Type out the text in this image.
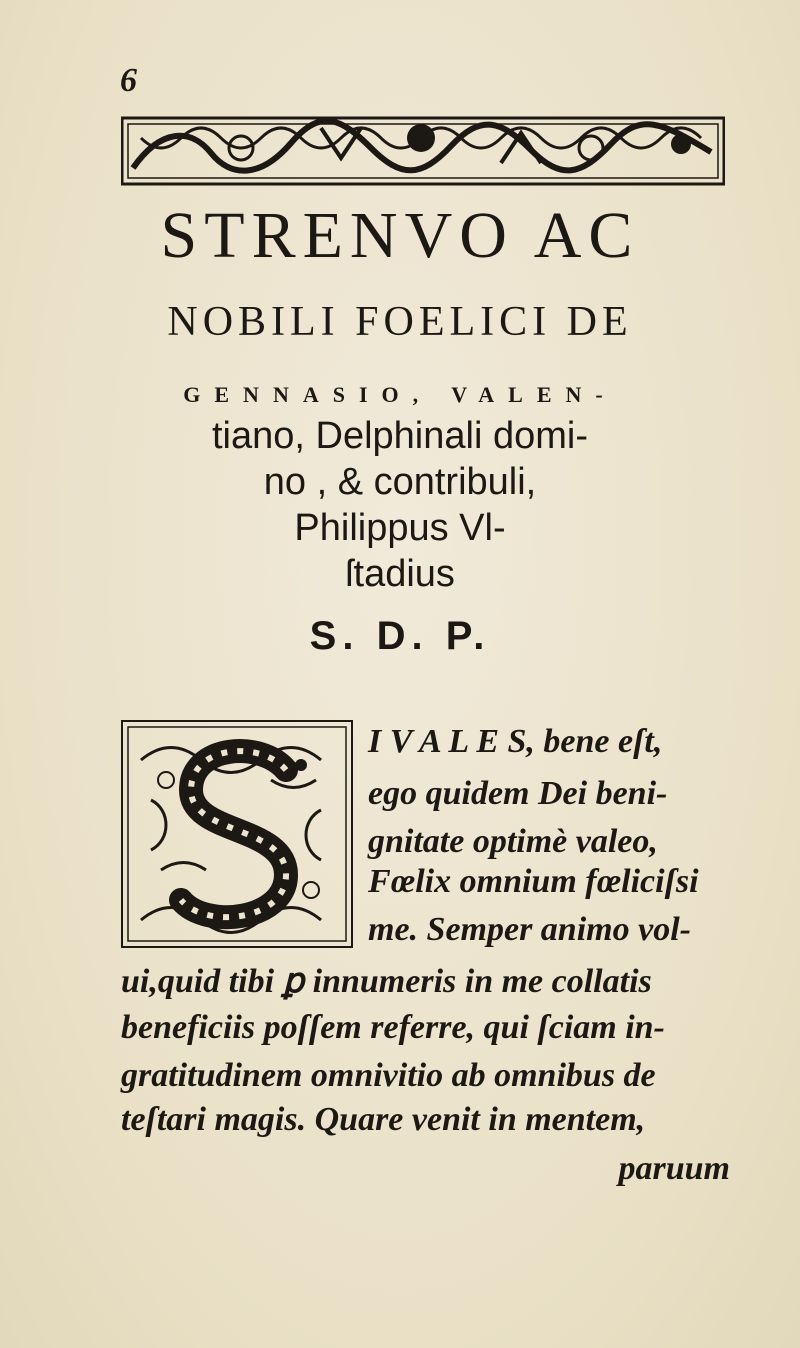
6
STRENVO AC
NOBILI FOELICI DE
GENNASIO, VALEN-
tiano, Delphinali domi-
no , & contribuli,
Philippus Vl-
ſtadius
S. D. P.
I V A L E S, bene eſt,
ego quidem Dei beni-
gnitate optimè valeo,
Fœlix omnium fœliciſsi
me. Semper animo vol-
ui,quid tibi ꝑ innumeris in me collatis
beneficiis poſſem referre, qui ſciam in-
gratitudinem omnivitio ab omnibus de
teſtari magis. Quare venit in mentem,
paruum
